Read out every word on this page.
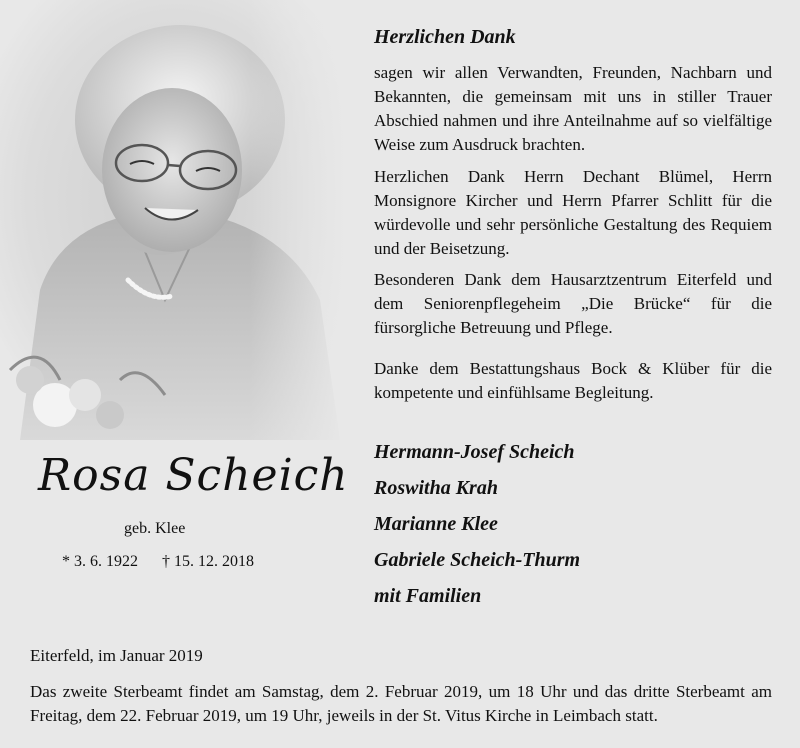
Herzlichen Dank
sagen wir allen Verwandten, Freunden, Nachbarn und Bekannten, die gemeinsam mit uns in stiller Trauer Abschied nahmen und ihre Anteilnahme auf so vielfältige Weise zum Ausdruck brachten.
Herzlichen Dank Herrn Dechant Blümel, Herrn Monsignore Kircher und Herrn Pfarrer Schlitt für die würdevolle und sehr persönliche Gestaltung des Requiem und der Beisetzung.
Besonderen Dank dem Hausarztzentrum Eiterfeld und dem Seniorenpflegeheim „Die Brücke“ für die fürsorgliche Betreuung und Pflege.
Danke dem Bestattungshaus Bock & Klüber für die kompetente und einfühlsame Begleitung.
Hermann-Josef Scheich
Roswitha Krah
Marianne Klee
Gabriele Scheich-Thurm
mit Familien
Rosa Scheich
geb. Klee
* 3. 6. 1922 † 15. 12. 2018
Eiterfeld, im Januar 2019
Das zweite Sterbeamt findet am Samstag, dem 2. Februar 2019, um 18 Uhr und das dritte Sterbeamt am Freitag, dem 22. Februar 2019, um 19 Uhr, jeweils in der St. Vitus Kirche in Leimbach statt.
